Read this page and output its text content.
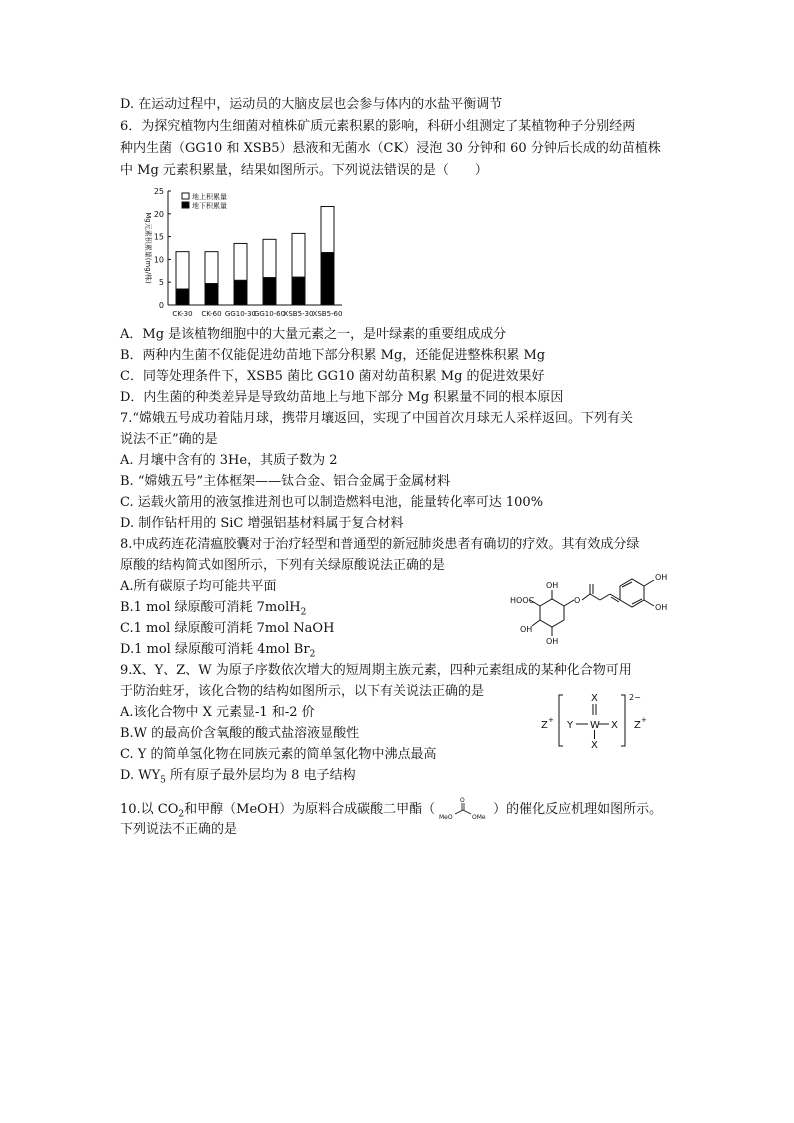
D. 在运动过程中，运动员的大脑皮层也会参与体内的水盐平衡调节
6．为探究植物内生细菌对植株矿质元素积累的影响，科研小组测定了某植物种子分别经两
种内生菌（GG10 和 XSB5）悬液和无菌水（CK）浸泡 30 分钟和 60 分钟后长成的幼苗植株
中 Mg 元素积累量，结果如图所示。下列说法错误的是（　　）
0
5
10
15
20
25
Mg元素积累量(mg/株)
CK-30 CK-60 GG10-30
GG10-60
XSB5-30 XSB5-60
地上积累量
地下积累量
A．Mg 是该植物细胞中的大量元素之一，是叶绿素的重要组成成分
B．两种内生菌不仅能促进幼苗地下部分积累 Mg，还能促进整株积累 Mg
C．同等处理条件下，XSB5 菌比 GG10 菌对幼苗积累 Mg 的促进效果好
D．内生菌的种类差异是导致幼苗地上与地下部分 Mg 积累量不同的根本原因
7.“嫦娥五号成功着陆月球，携带月壤返回，实现了中国首次月球无人采样返回。下列有关
说法不正”确的是
A. 月壤中含有的 3He，其质子数为 2
B. “嫦娥五号”主体框架——钛合金、铝合金属于金属材料
C. 运载火箭用的液氢推进剂也可以制造燃料电池，能量转化率可达 100%
D. 制作钻杆用的 SiC 增强铝基材料属于复合材料
8.中成药连花清瘟胶囊对于治疗轻型和普通型的新冠肺炎患者有确切的疗效。其有效成分绿
原酸的结构简式如图所示，下列有关绿原酸说法正确的是
A.所有碳原子均可能共平面
B.1 mol 绿原酸可消耗 7molH$_2$
C.1 mol 绿原酸可消耗 7mol NaOH
D.1 mol 绿原酸可消耗 4mol $Br_2$
HOOC
OH
O
OH
OH
OH
OH
9.X、Y、Z、W 为原子序数依次增大的短周期主族元素，四种元素组成的某种化合物可用
于防治蛀牙，该化合物的结构如图所示，以下有关说法正确的是
A.该化合物中 X 元素显-1 和-2 价
B.W 的最高价含氧酸的酸式盐溶液显酸性
C. Y 的简单氢化物在同族元素的简单氢化物中沸点最高
D. $WY_5$ 所有原子最外层均为 8 电子结构
Z + Y W X
X
X
2−
Z +
10.以 $CO_2$和甲醇（MeOH）为原料合成碳酸二甲酯（
O
MeO	OMe
）的催化反应机理如图所示。
下列说法不正确的是
